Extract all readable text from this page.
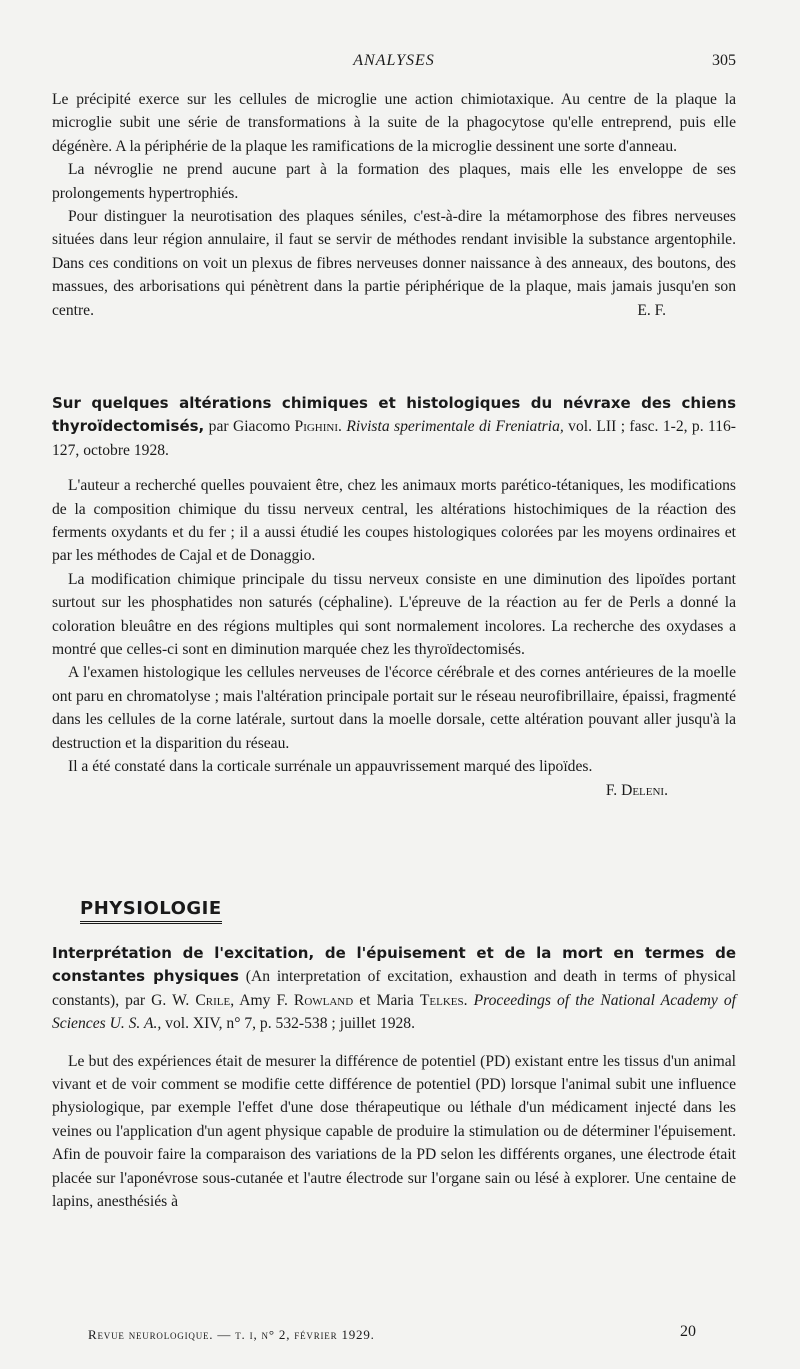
ANALYSES	305

Le précipité exerce sur les cellules de microglie une action chimiotaxique. Au centre de la plaque la microglie subit une série de transformations à la suite de la phagocytose qu'elle entreprend, puis elle dégénère. A la périphérie de la plaque les ramifications de la microglie dessinent une sorte d'anneau.

La névroglie ne prend aucune part à la formation des plaques, mais elle les enveloppe de ses prolongements hypertrophiés.

Pour distinguer la neurotisation des plaques séniles, c'est-à-dire la métamorphose des fibres nerveuses situées dans leur région annulaire, il faut se servir de méthodes rendant invisible la substance argentophile. Dans ces conditions on voit un plexus de fibres nerveuses donner naissance à des anneaux, des boutons, des massues, des arborisations qui pénètrent dans la partie périphérique de la plaque, mais jamais jusqu'en son centre.	E. F.

Sur quelques altérations chimiques et histologiques du névraxe des chiens thyroïdectomisés, par Giacomo Pighini. Rivista sperimentale di Freniatria, vol. LII ; fasc. 1-2, p. 116-127, octobre 1928.

L'auteur a recherché quelles pouvaient être, chez les animaux morts parético-tétaniques, les modifications de la composition chimique du tissu nerveux central, les altérations histochimiques de la réaction des ferments oxydants et du fer ; il a aussi étudié les coupes histologiques colorées par les moyens ordinaires et par les méthodes de Cajal et de Donaggio.

La modification chimique principale du tissu nerveux consiste en une diminution des lipoïdes portant surtout sur les phosphatides non saturés (céphaline). L'épreuve de la réaction au fer de Perls a donné la coloration bleuâtre en des régions multiples qui sont normalement incolores. La recherche des oxydases a montré que celles-ci sont en diminution marquée chez les thyroïdectomisés.

A l'examen histologique les cellules nerveuses de l'écorce cérébrale et des cornes antérieures de la moelle ont paru en chromatolyse ; mais l'altération principale portait sur le réseau neurofibrillaire, épaissi, fragmenté dans les cellules de la corne latérale, surtout dans la moelle dorsale, cette altération pouvant aller jusqu'à la destruction et la disparition du réseau.

Il a été constaté dans la corticale surrénale un appauvrissement marqué des lipoïdes.
F. Deleni.

PHYSIOLOGIE

Interprétation de l'excitation, de l'épuisement et de la mort en termes de constantes physiques (An interpretation of excitation, exhaustion and death in terms of physical constants), par G. W. Crile, Amy F. Rowland et Maria Telkes. Proceedings of the National Academy of Sciences U. S. A., vol. XIV, n° 7, p. 532-538 ; juillet 1928.

Le but des expériences était de mesurer la différence de potentiel (PD) existant entre les tissus d'un animal vivant et de voir comment se modifie cette différence de potentiel (PD) lorsque l'animal subit une influence physiologique, par exemple l'effet d'une dose thérapeutique ou léthale d'un médicament injecté dans les veines ou l'application d'un agent physique capable de produire la stimulation ou de déterminer l'épuisement. Afin de pouvoir faire la comparaison des variations de la PD selon les différents organes, une électrode était placée sur l'aponévrose sous-cutanée et l'autre électrode sur l'organe sain ou lésé à explorer. Une centaine de lapins, anesthésiés à

Revue neurologique. — t. i, n° 2, février 1929.	20
